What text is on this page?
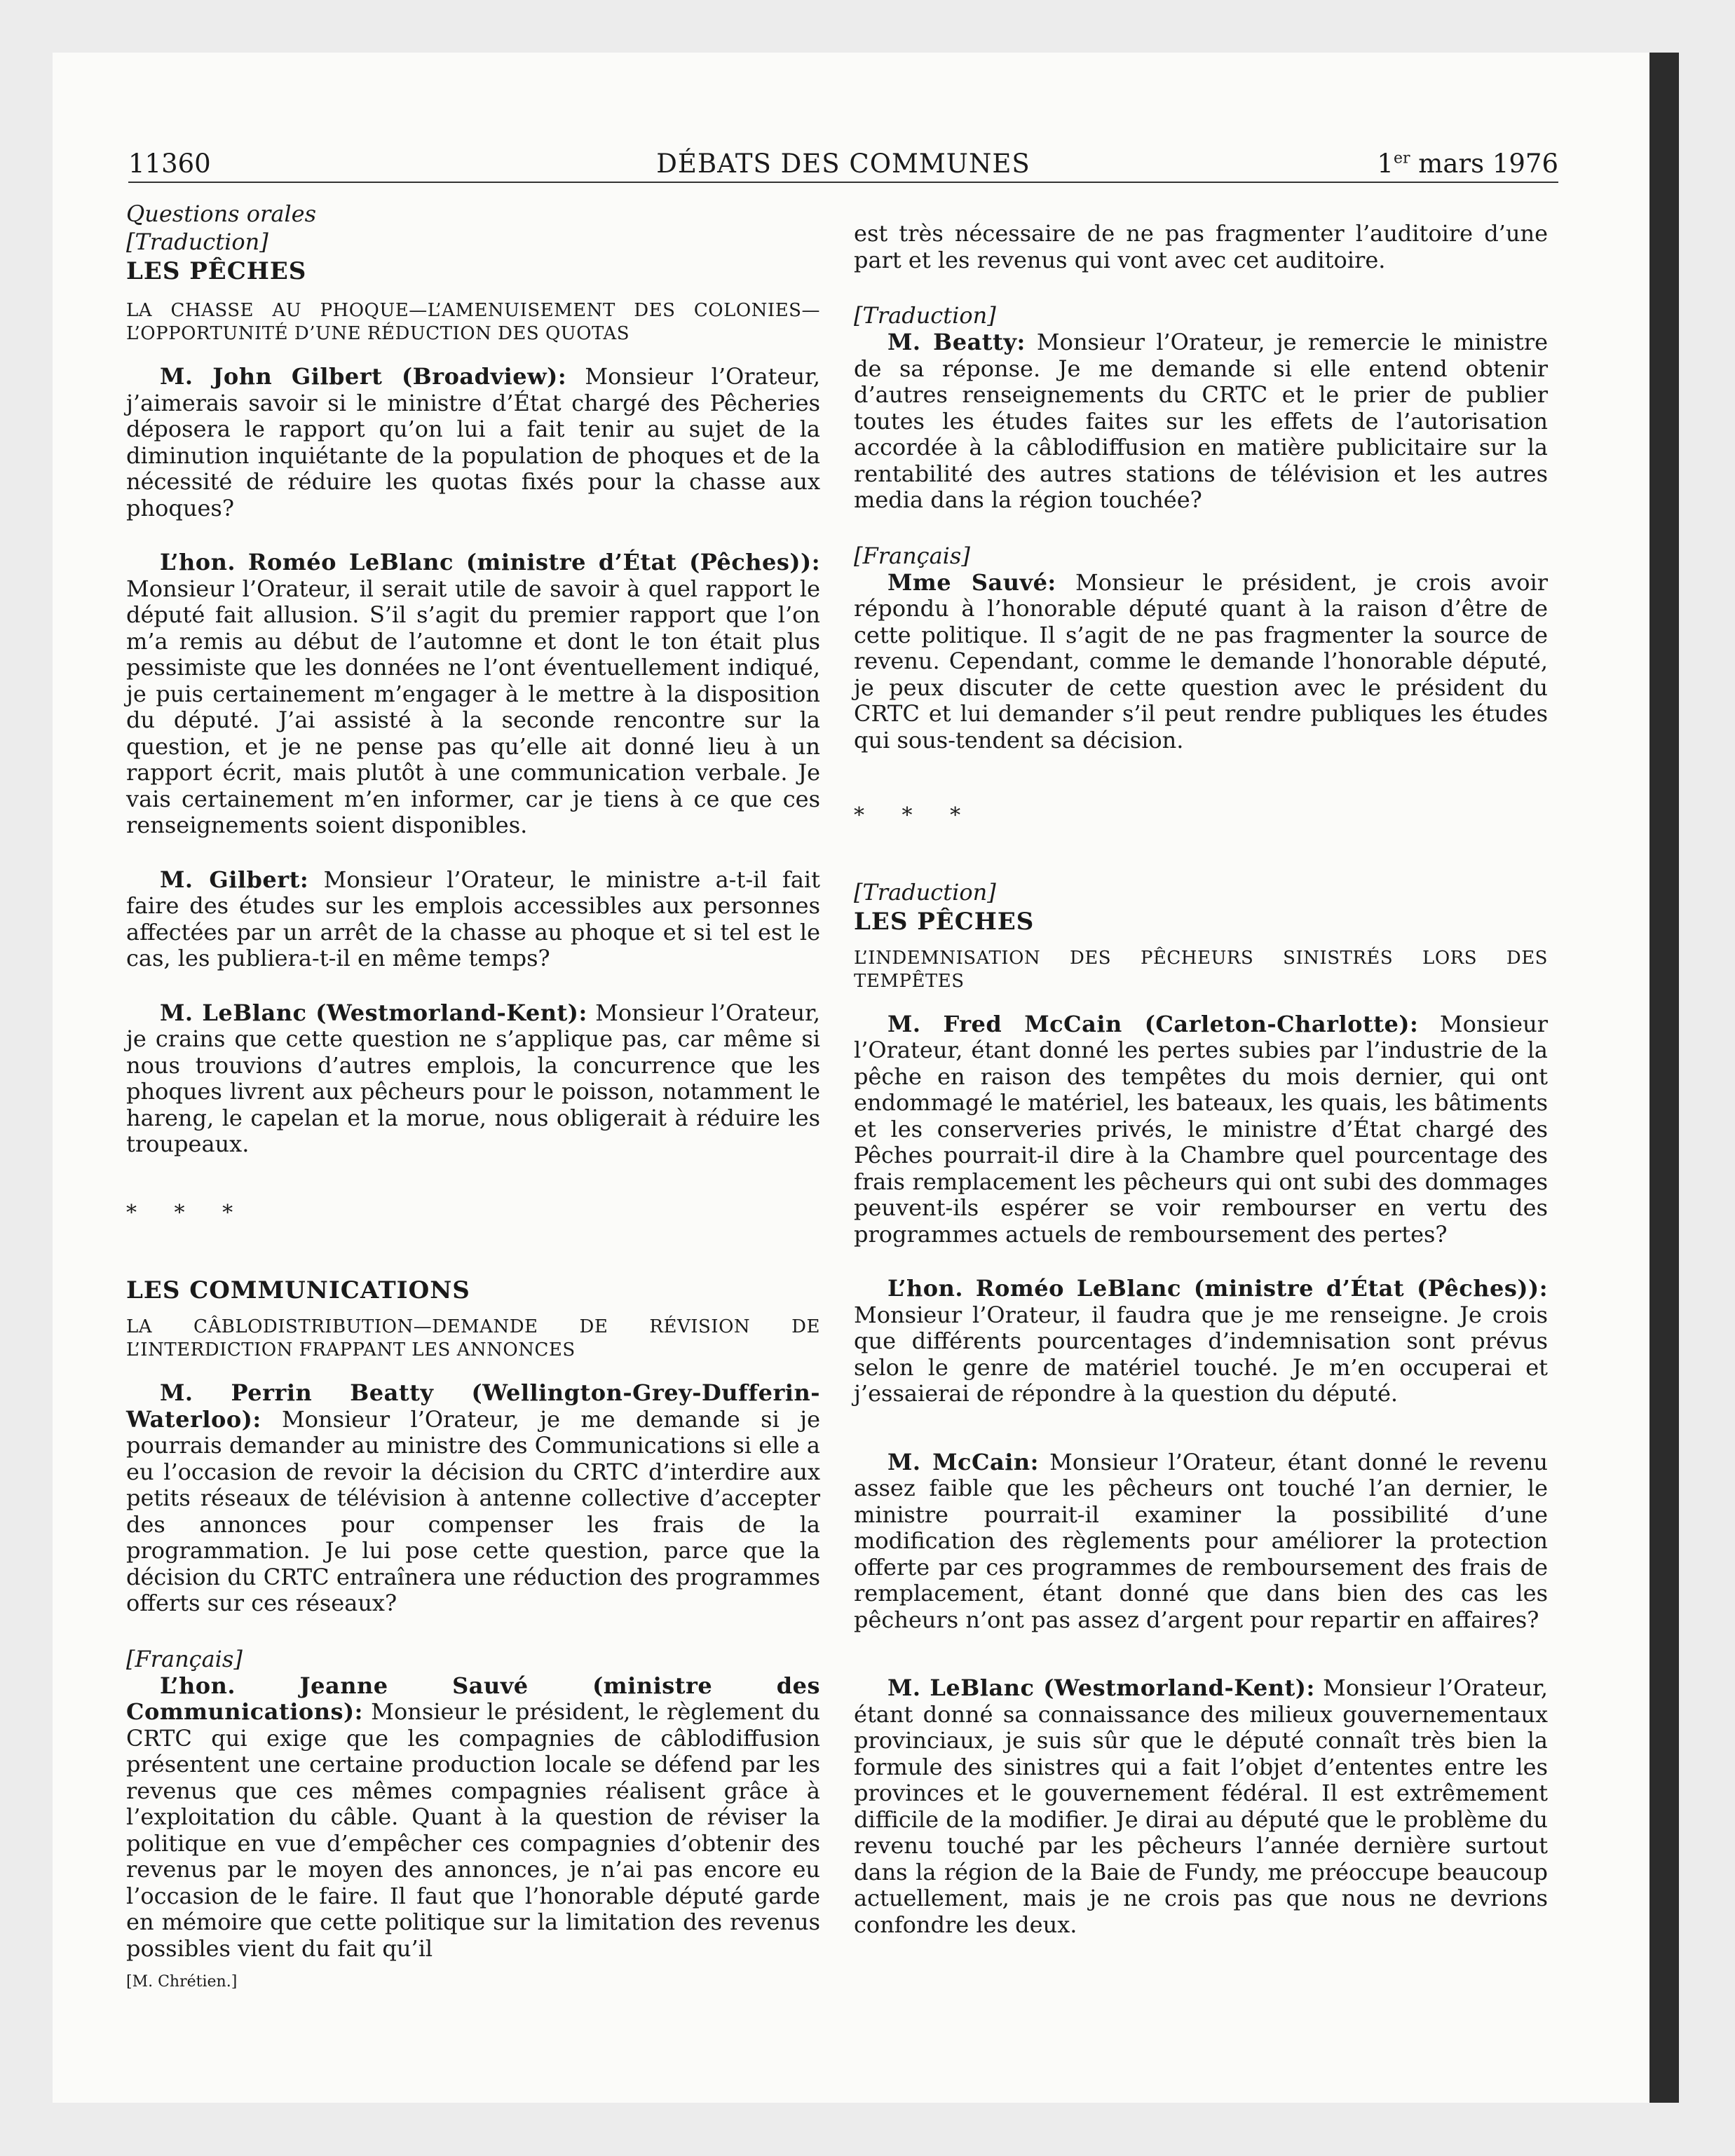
11360	DÉBATS DES COMMUNES	1er mars 1976

Questions orales

[Traduction]

LES PÊCHES

LA CHASSE AU PHOQUE—L’AMENUISEMENT DES COLONIES— L’OPPORTUNITÉ D’UNE RÉDUCTION DES QUOTAS

M. John Gilbert (Broadview): Monsieur l’Orateur, j’aimerais savoir si le ministre d’État chargé des Pêcheries déposera le rapport qu’on lui a fait tenir au sujet de la diminution inquiétante de la population de phoques et de la nécessité de réduire les quotas fixés pour la chasse aux phoques?

L’hon. Roméo LeBlanc (ministre d’État (Pêches)): Monsieur l’Orateur, il serait utile de savoir à quel rapport le député fait allusion. S’il s’agit du premier rapport que l’on m’a remis au début de l’automne et dont le ton était plus pessimiste que les données ne l’ont éventuellement indiqué, je puis certainement m’engager à le mettre à la disposition du député. J’ai assisté à la seconde rencontre sur la question, et je ne pense pas qu’elle ait donné lieu à un rapport écrit, mais plutôt à une communication verbale. Je vais certainement m’en informer, car je tiens à ce que ces renseignements soient disponibles.

M. Gilbert: Monsieur l’Orateur, le ministre a-t-il fait faire des études sur les emplois accessibles aux personnes affectées par un arrêt de la chasse au phoque et si tel est le cas, les publiera-t-il en même temps?

M. LeBlanc (Westmorland-Kent): Monsieur l’Orateur, je crains que cette question ne s’applique pas, car même si nous trouvions d’autres emplois, la concurrence que les phoques livrent aux pêcheurs pour le poisson, notamment le hareng, le capelan et la morue, nous obligerait à réduire les troupeaux.

* * *

LES COMMUNICATIONS

LA CÂBLODISTRIBUTION—DEMANDE DE RÉVISION DE L’INTERDICTION FRAPPANT LES ANNONCES

M. Perrin Beatty (Wellington-Grey-Dufferin-Waterloo): Monsieur l’Orateur, je me demande si je pourrais demander au ministre des Communications si elle a eu l’occasion de revoir la décision du CRTC d’interdire aux petits réseaux de télévision à antenne collective d’accepter des annonces pour compenser les frais de la programmation. Je lui pose cette question, parce que la décision du CRTC entraînera une réduction des programmes offerts sur ces réseaux?

[Français]

L’hon. Jeanne Sauvé (ministre des Communications): Monsieur le président, le règlement du CRTC qui exige que les compagnies de câblodiffusion présentent une certaine production locale se défend par les revenus que ces mêmes compagnies réalisent grâce à l’exploitation du câble. Quant à la question de réviser la politique en vue d’empêcher ces compagnies d’obtenir des revenus par le moyen des annonces, je n’ai pas encore eu l’occasion de le faire. Il faut que l’honorable député garde en mémoire que cette politique sur la limitation des revenus possibles vient du fait qu’il

[M. Chrétien.]

est très nécessaire de ne pas fragmenter l’auditoire d’une part et les revenus qui vont avec cet auditoire.

[Traduction]

M. Beatty: Monsieur l’Orateur, je remercie le ministre de sa réponse. Je me demande si elle entend obtenir d’autres renseignements du CRTC et le prier de publier toutes les études faites sur les effets de l’autorisation accordée à la câblodiffusion en matière publicitaire sur la rentabilité des autres stations de télévision et les autres media dans la région touchée?

[Français]

Mme Sauvé: Monsieur le président, je crois avoir répondu à l’honorable député quant à la raison d’être de cette politique. Il s’agit de ne pas fragmenter la source de revenu. Cependant, comme le demande l’honorable député, je peux discuter de cette question avec le président du CRTC et lui demander s’il peut rendre publiques les études qui sous-tendent sa décision.

* * *

[Traduction]

LES PÊCHES

L’INDEMNISATION DES PÊCHEURS SINISTRÉS LORS DES TEMPÊTES

M. Fred McCain (Carleton-Charlotte): Monsieur l’Orateur, étant donné les pertes subies par l’industrie de la pêche en raison des tempêtes du mois dernier, qui ont endommagé le matériel, les bateaux, les quais, les bâtiments et les conserveries privés, le ministre d’État chargé des Pêches pourrait-il dire à la Chambre quel pourcentage des frais remplacement les pêcheurs qui ont subi des dommages peuvent-ils espérer se voir rembourser en vertu des programmes actuels de remboursement des pertes?

L’hon. Roméo LeBlanc (ministre d’État (Pêches)): Monsieur l’Orateur, il faudra que je me renseigne. Je crois que différents pourcentages d’indemnisation sont prévus selon le genre de matériel touché. Je m’en occuperai et j’essaierai de répondre à la question du député.

M. McCain: Monsieur l’Orateur, étant donné le revenu assez faible que les pêcheurs ont touché l’an dernier, le ministre pourrait-il examiner la possibilité d’une modification des règlements pour améliorer la protection offerte par ces programmes de remboursement des frais de remplacement, étant donné que dans bien des cas les pêcheurs n’ont pas assez d’argent pour repartir en affaires?

M. LeBlanc (Westmorland-Kent): Monsieur l’Orateur, étant donné sa connaissance des milieux gouvernementaux provinciaux, je suis sûr que le député connaît très bien la formule des sinistres qui a fait l’objet d’ententes entre les provinces et le gouvernement fédéral. Il est extrêmement difficile de la modifier. Je dirai au député que le problème du revenu touché par les pêcheurs l’année dernière surtout dans la région de la Baie de Fundy, me préoccupe beaucoup actuellement, mais je ne crois pas que nous ne devrions confondre les deux.
